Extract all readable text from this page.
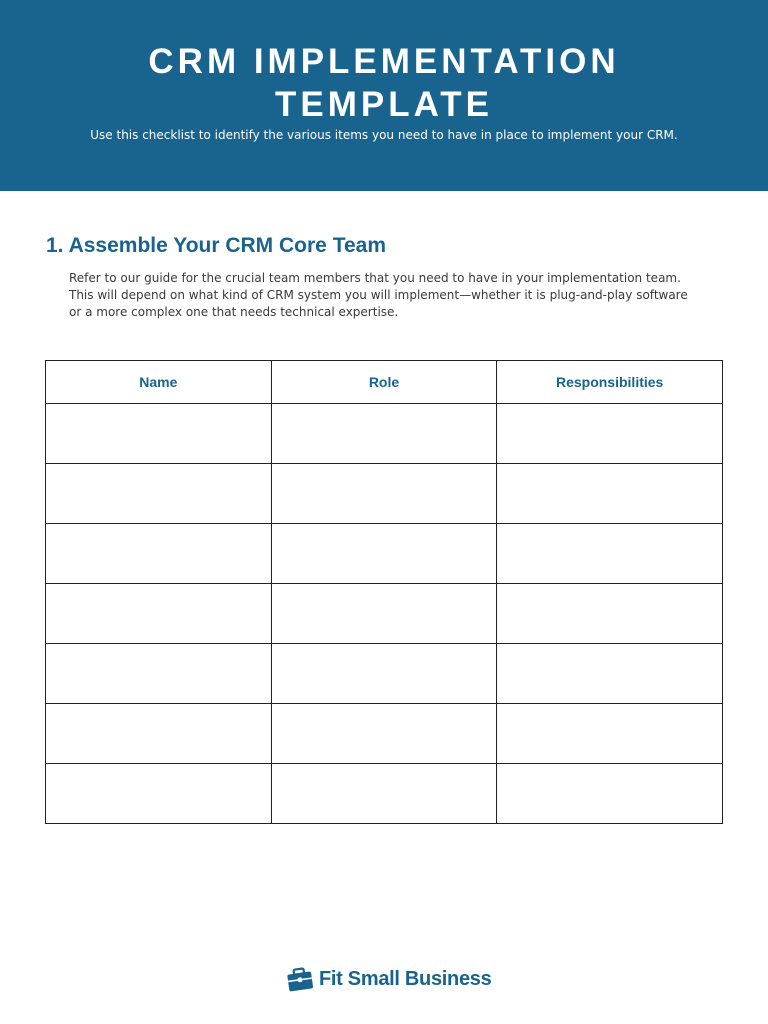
CRM IMPLEMENTATION
TEMPLATE
Use this checklist to identify the various items you need to have in place to implement your CRM.
1. Assemble Your CRM Core Team
Refer to our guide for the crucial team members that you need to have in your implementation team.
This will depend on what kind of CRM system you will implement—whether it is plug-and-play software
or a more complex one that needs technical expertise.
Name	Role	Responsibilities

Fit Small Business
